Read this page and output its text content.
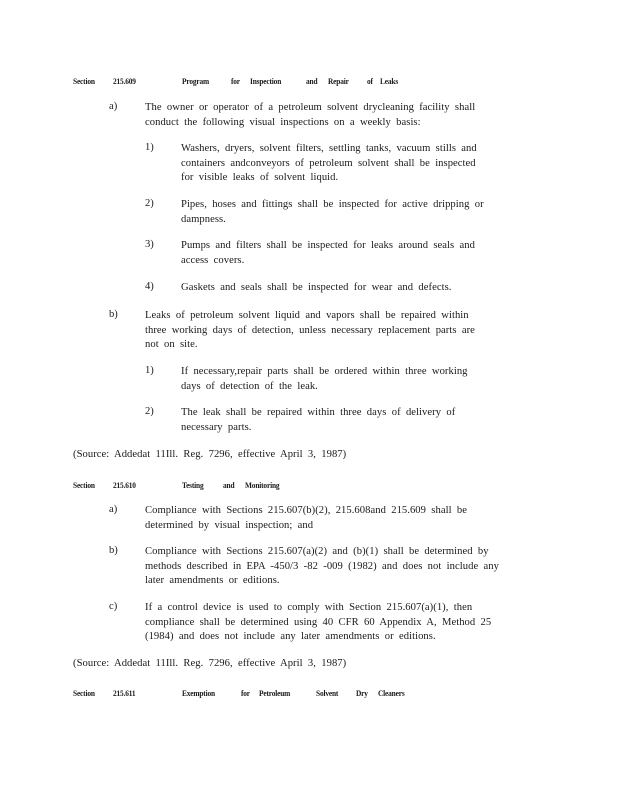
Section 215.609	Program	for Inspection	and Repair of Leaks
a)	The owner or operator of a petroleum solvent drycleaning facility shall
conduct the following visual inspections on a weekly basis:
1)	Washers, dryers, solvent filters, settling tanks, vacuum stills and
containers andconveyors of petroleum solvent shall be inspected
for visible leaks of solvent liquid.
2)	Pipes, hoses and fittings shall be inspected for active dripping or
dampness.
3)	Pumps and filters shall be inspected for leaks around seals and
access covers.
4)	Gaskets and seals shall be inspected for wear and defects.
b)	Leaks of petroleum solvent liquid and vapors shall be repaired within
three working days of detection, unless necessary replacement parts are
not on site.
1)	If necessary,repair parts shall be ordered within three working
days of detection of the leak.
2)	The leak shall be repaired within three days of delivery of
necessary parts.
(Source: Addedat 11Ill. Reg. 7296, effective April 3, 1987)
Section 215.610	Testing and Monitoring
a)	Compliance with Sections 215.607(b)(2), 215.608and 215.609 shall be
determined by visual inspection; and
b)	Compliance with Sections 215.607(a)(2) and (b)(1) shall be determined by
methods described in EPA -450/3 -82 -009 (1982) and does not include any
later amendments or editions.
c)	If a control device is used to comply with Section 215.607(a)(1), then
compliance shall be determined using 40 CFR 60 Appendix A, Method 25
(1984) and does not include any later amendments or editions.
(Source: Addedat 11Ill. Reg. 7296, effective April 3, 1987)
Section 215.611	Exemption	for Petroleum	Solvent Dry Cleaners
